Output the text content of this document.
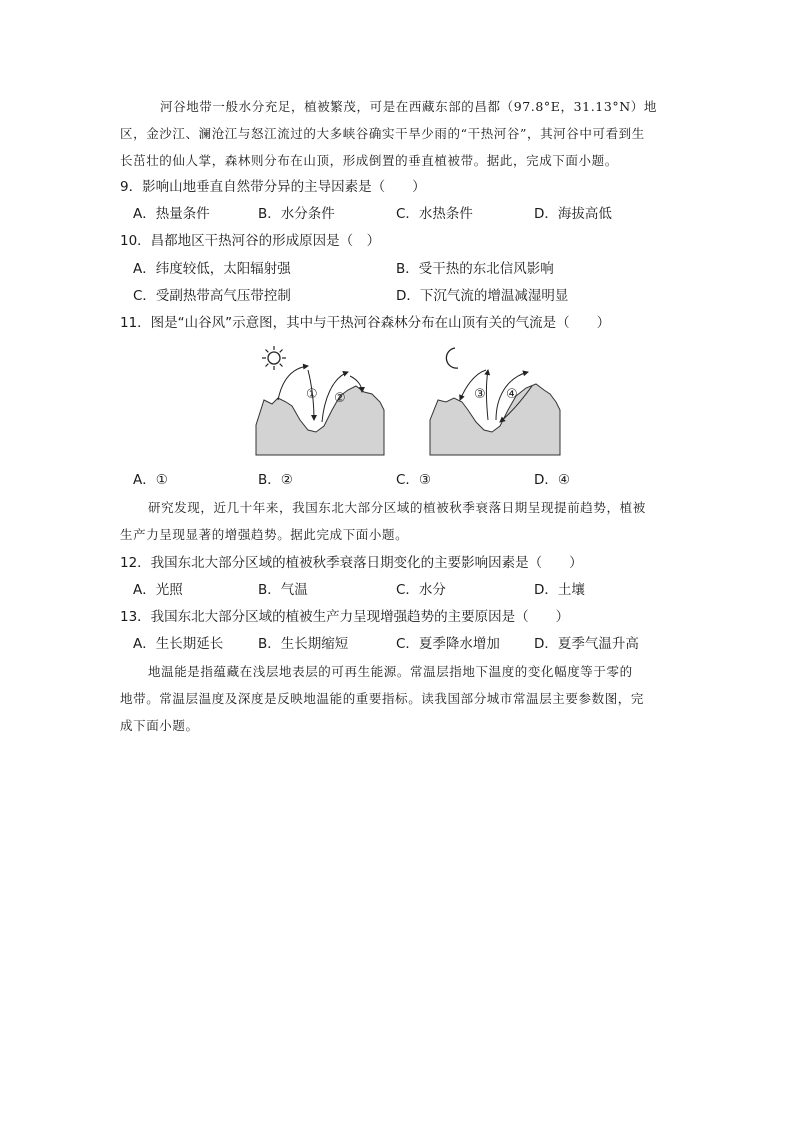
河谷地带一般水分充足，植被繁茂，可是在西藏东部的昌都（97.8°E，31.13°N）地
区，金沙江、澜沧江与怒江流过的大多峡谷确实干旱少雨的“干热河谷”，其河谷中可看到生
长茁壮的仙人掌，森林则分布在山顶，形成倒置的垂直植被带。据此，完成下面小题。
9．影响山地垂直自然带分异的主导因素是（　　）
A．热量条件	B．水分条件	C．水热条件	D．海拔高低
10．昌都地区干热河谷的形成原因是（　）
A．纬度较低，太阳辐射强	B．受干热的东北信风影响
C．受副热带高气压带控制	D．下沉气流的增温减湿明显
11．图是“山谷风”示意图，其中与干热河谷森林分布在山顶有关的气流是（　　）
① ②	③ ④
A．①	B．②	C．③	D．④
研究发现，近几十年来，我国东北大部分区域的植被秋季衰落日期呈现提前趋势，植被
生产力呈现显著的增强趋势。据此完成下面小题。
12．我国东北大部分区域的植被秋季衰落日期变化的主要影响因素是（　　）
A．光照	B．气温	C．水分	D．土壤
13．我国东北大部分区域的植被生产力呈现增强趋势的主要原因是（　　）
A．生长期延长	B．生长期缩短	C．夏季降水增加	D．夏季气温升高
地温能是指蕴藏在浅层地表层的可再生能源。常温层指地下温度的变化幅度等于零的
地带。常温层温度及深度是反映地温能的重要指标。读我国部分城市常温层主要参数图，完
成下面小题。
